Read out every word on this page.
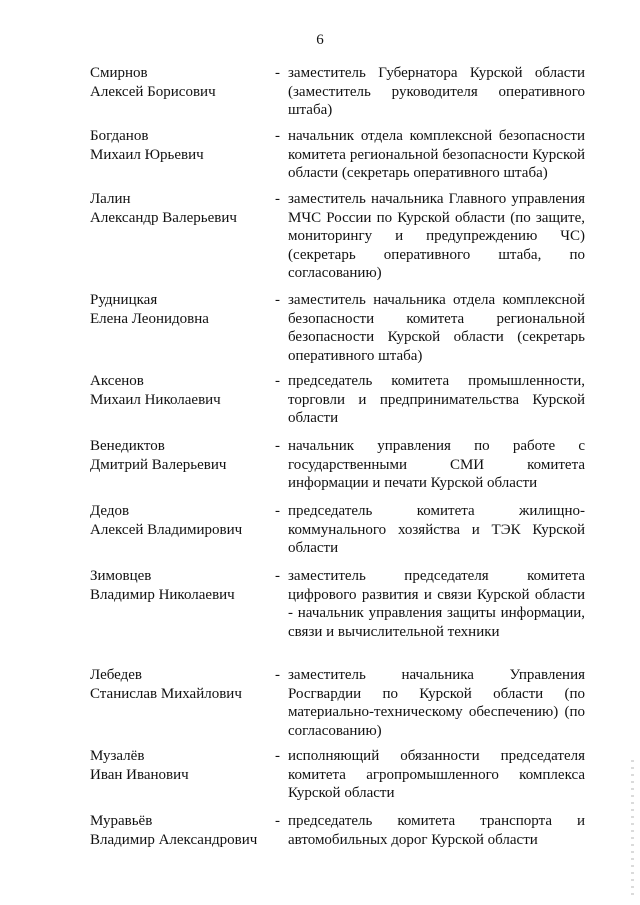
6
Смирнов
Алексей Борисович
- заместитель Губернатора Курской области (заместитель руководителя оперативного штаба)
Богданов
Михаил Юрьевич
- начальник отдела комплексной безопасности комитета региональной безопасности Курской области (секретарь оперативного штаба)
Лалин
Александр Валерьевич
- заместитель начальника Главного управления МЧС России по Курской области (по защите, мониторингу и предупреждению ЧС) (секретарь оперативного штаба, по согласованию)
Рудницкая
Елена Леонидовна
- заместитель начальника отдела комплексной безопасности комитета региональной безопасности Курской области (секретарь оперативного штаба)
Аксенов
Михаил Николаевич
- председатель комитета промышленности, торговли и предпринимательства Курской области
Венедиктов
Дмитрий Валерьевич
- начальник управления по работе с государственными СМИ комитета информации и печати Курской области
Дедов
Алексей Владимирович
- председатель комитета жилищно-коммунального хозяйства и ТЭК Курской области
Зимовцев
Владимир Николаевич
- заместитель председателя комитета цифрового развития и связи Курской области - начальник управления защиты информации, связи и вычислительной техники
Лебедев
Станислав Михайлович
- заместитель начальника Управления Росгвардии по Курской области (по материально-техническому обеспечению) (по согласованию)
Музалёв
Иван Иванович
- исполняющий обязанности председателя комитета агропромышленного комплекса Курской области
Муравьёв
Владимир Александрович
- председатель комитета транспорта и автомобильных дорог Курской области
